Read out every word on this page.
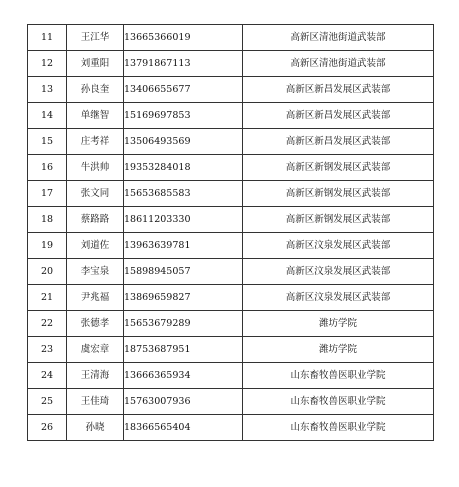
11	王江华	13665366019	高新区清池街道武装部
12	刘重阳	13791867113	高新区清池街道武装部
13	孙良奎	13406655677	高新区新昌发展区武装部
14	单继智	15169697853	高新区新昌发展区武装部
15	庄考祥	13506493569	高新区新昌发展区武装部
16	牛洪帅	19353284018	高新区新钢发展区武装部
17	张文同	15653685583	高新区新钢发展区武装部
18	蔡路路	18611203330	高新区新钢发展区武装部
19	刘道佐	13963639781	高新区汶泉发展区武装部
20	李宝泉	15898945057	高新区汶泉发展区武装部
21	尹兆福	13869659827	高新区汶泉发展区武装部
22	张德孝	15653679289	潍坊学院
23	虞宏章	18753687951	潍坊学院
24	王清海	13666365934	山东畜牧兽医职业学院
25	王佳琦	15763007936	山东畜牧兽医职业学院
26	孙晓	18366565404	山东畜牧兽医职业学院
